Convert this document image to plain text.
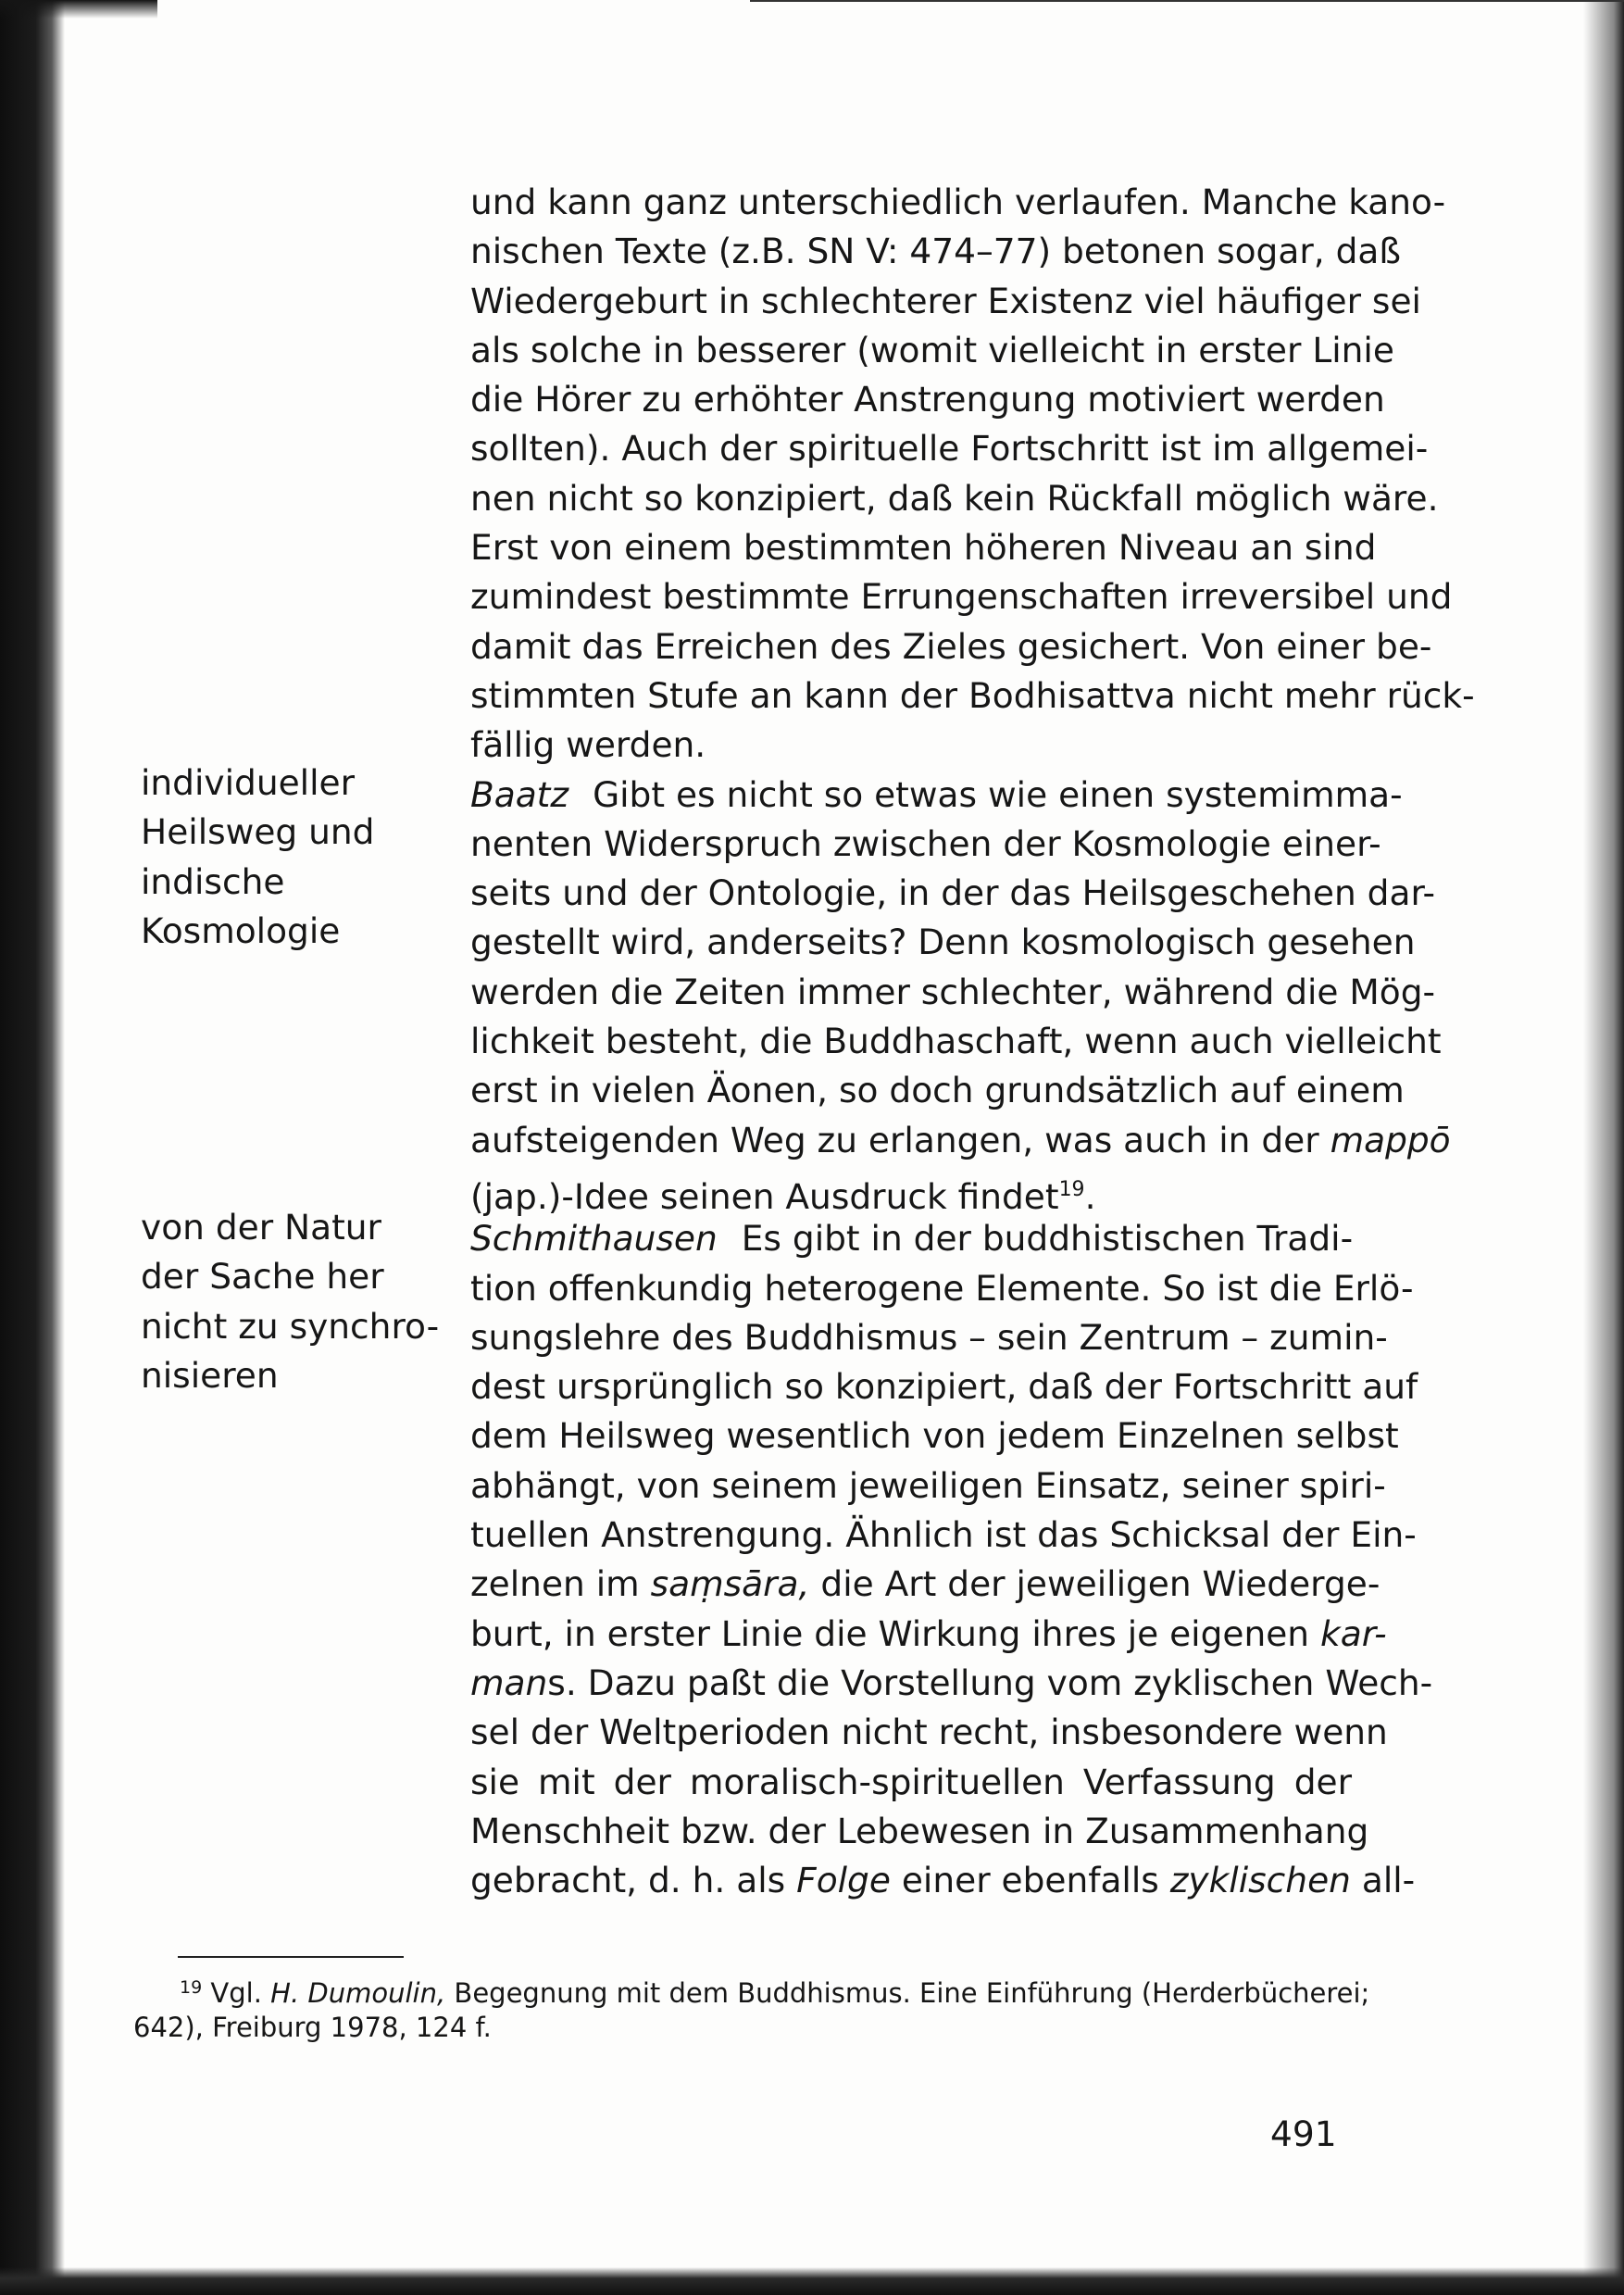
und kann ganz unterschiedlich verlaufen. Manche kano-
nischen Texte (z.B. SN V: 474–77) betonen sogar, daß
Wiedergeburt in schlechterer Existenz viel häufiger sei
als solche in besserer (womit vielleicht in erster Linie
die Hörer zu erhöhter Anstrengung motiviert werden
sollten). Auch der spirituelle Fortschritt ist im allgemei-
nen nicht so konzipiert, daß kein Rückfall möglich wäre.
Erst von einem bestimmten höheren Niveau an sind
zumindest bestimmte Errungenschaften irreversibel und
damit das Erreichen des Zieles gesichert. Von einer be-
stimmten Stufe an kann der Bodhisattva nicht mehr rück-
fällig werden.
Baatz Gibt es nicht so etwas wie einen systemimma-
nenten Widerspruch zwischen der Kosmologie einer-
seits und der Ontologie, in der das Heilsgeschehen dar-
gestellt wird, anderseits? Denn kosmologisch gesehen
werden die Zeiten immer schlechter, während die Mög-
lichkeit besteht, die Buddhaschaft, wenn auch vielleicht
erst in vielen Äonen, so doch grundsätzlich auf einem
aufsteigenden Weg zu erlangen, was auch in der mappō
(jap.)-Idee seinen Ausdruck findet$^{19}$.
Schmithausen Es gibt in der buddhistischen Tradi-
tion offenkundig heterogene Elemente. So ist die Erlö-
sungslehre des Buddhismus – sein Zentrum – zumin-
dest ursprünglich so konzipiert, daß der Fortschritt auf
dem Heilsweg wesentlich von jedem Einzelnen selbst
abhängt, von seinem jeweiligen Einsatz, seiner spiri-
tuellen Anstrengung. Ähnlich ist das Schicksal der Ein-
zelnen im saṃsāra, die Art der jeweiligen Wiederge-
burt, in erster Linie die Wirkung ihres je eigenen kar-
mans. Dazu paßt die Vorstellung vom zyklischen Wech-
sel der Weltperioden nicht recht, insbesondere wenn
sie mit der moralisch-spirituellen Verfassung der
Menschheit bzw. der Lebewesen in Zusammenhang
gebracht, d. h. als Folge einer ebenfalls zyklischen all-
individueller
Heilsweg und
indische
Kosmologie
von der Natur
der Sache her
nicht zu synchro-
nisieren
$^{19}$ Vgl. H. Dumoulin, Begegnung mit dem Buddhismus. Eine Einführung (Herderbücherei;
642), Freiburg 1978, 124 f.
491
